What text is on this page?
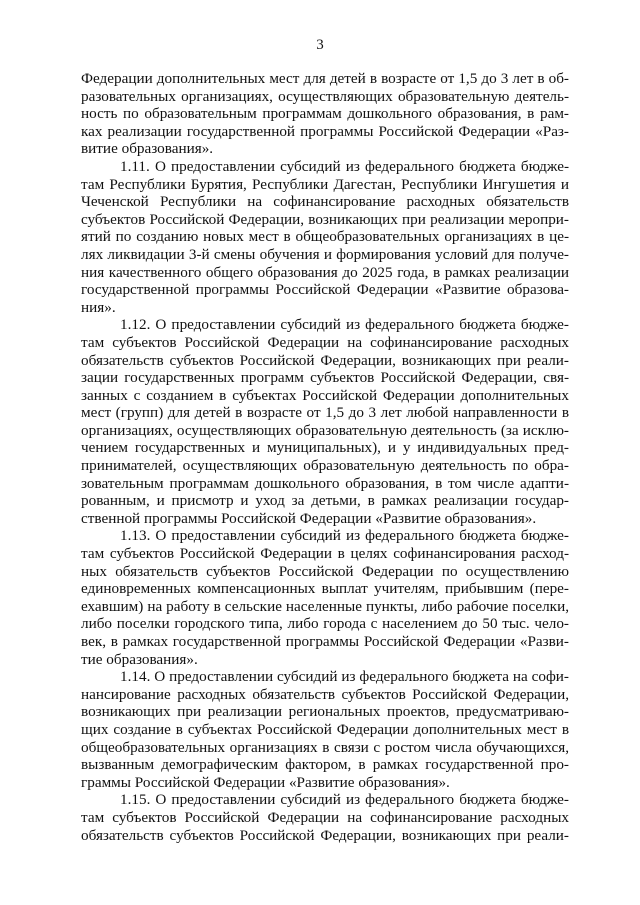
3
Федерации дополнительных мест для детей в возрасте от 1,5 до 3 лет в об-
разовательных организациях, осуществляющих образовательную деятель-
ность по образовательным программам дошкольного образования, в рам-
ках реализации государственной программы Российской Федерации «Раз-
витие образования».
1.11. О предоставлении субсидий из федерального бюджета бюдже-
там Республики Бурятия, Республики Дагестан, Республики Ингушетия и
Чеченской Республики на софинансирование расходных обязательств
субъектов Российской Федерации, возникающих при реализации меропри-
ятий по созданию новых мест в общеобразовательных организациях в це-
лях ликвидации 3-й смены обучения и формирования условий для получе-
ния качественного общего образования до 2025 года, в рамках реализации
государственной программы Российской Федерации «Развитие образова-
ния».
1.12. О предоставлении субсидий из федерального бюджета бюдже-
там субъектов Российской Федерации на софинансирование расходных
обязательств субъектов Российской Федерации, возникающих при реали-
зации государственных программ субъектов Российской Федерации, свя-
занных с созданием в субъектах Российской Федерации дополнительных
мест (групп) для детей в возрасте от 1,5 до 3 лет любой направленности в
организациях, осуществляющих образовательную деятельность (за исклю-
чением государственных и муниципальных), и у индивидуальных пред-
принимателей, осуществляющих образовательную деятельность по обра-
зовательным программам дошкольного образования, в том числе адапти-
рованным, и присмотр и уход за детьми, в рамках реализации государ-
ственной программы Российской Федерации «Развитие образования».
1.13. О предоставлении субсидий из федерального бюджета бюдже-
там субъектов Российской Федерации в целях софинансирования расход-
ных обязательств субъектов Российской Федерации по осуществлению
единовременных компенсационных выплат учителям, прибывшим (пере-
ехавшим) на работу в сельские населенные пункты, либо рабочие поселки,
либо поселки городского типа, либо города с населением до 50 тыс. чело-
век, в рамках государственной программы Российской Федерации «Разви-
тие образования».
1.14. О предоставлении субсидий из федерального бюджета на софи-
нансирование расходных обязательств субъектов Российской Федерации,
возникающих при реализации региональных проектов, предусматриваю-
щих создание в субъектах Российской Федерации дополнительных мест в
общеобразовательных организациях в связи с ростом числа обучающихся,
вызванным демографическим фактором, в рамках государственной про-
граммы Российской Федерации «Развитие образования».
1.15. О предоставлении субсидий из федерального бюджета бюдже-
там субъектов Российской Федерации на софинансирование расходных
обязательств субъектов Российской Федерации, возникающих при реали-
